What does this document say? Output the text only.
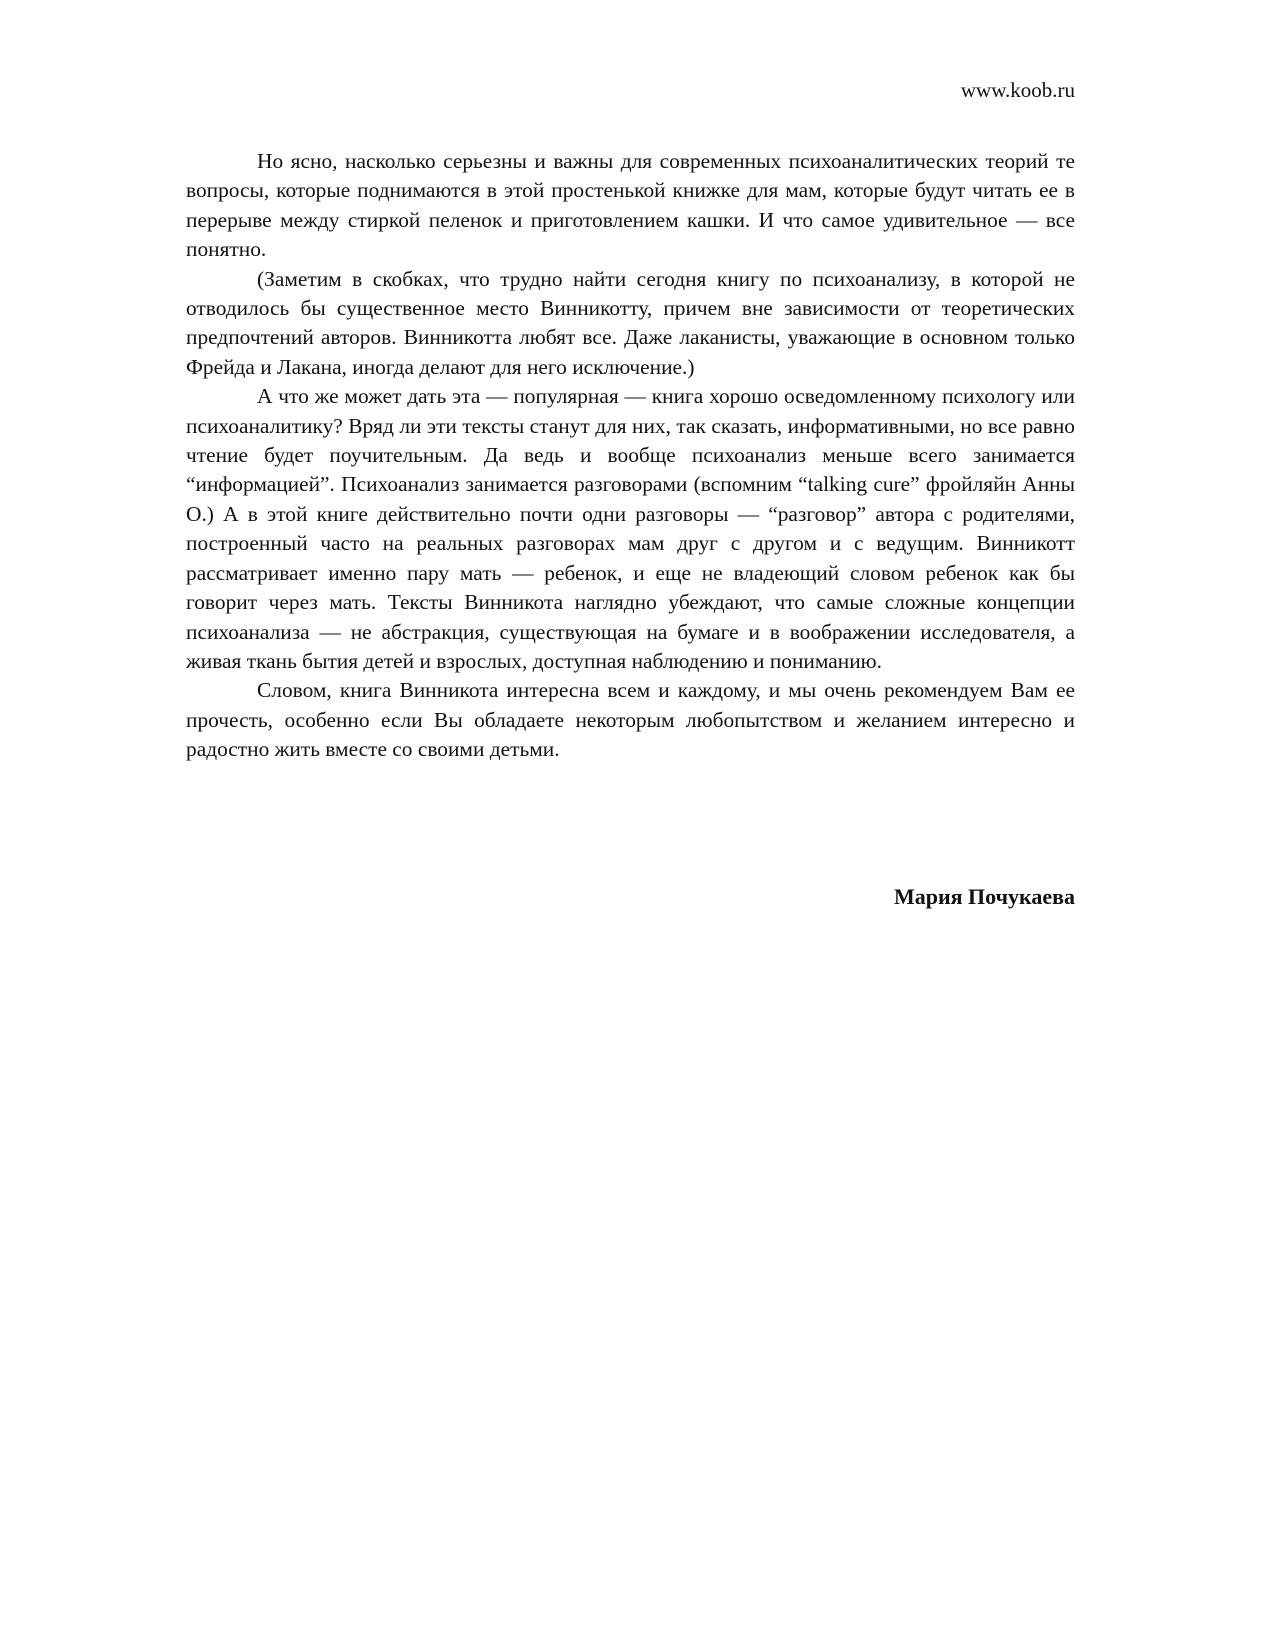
www.koob.ru

Но ясно, насколько серьезны и важны для современных психоаналитических теорий те вопросы, которые поднимаются в этой простенькой книжке для мам, которые будут читать ее в перерыве между стиркой пеленок и приготовлением кашки. И что самое удивительное — все понятно.

(Заметим в скобках, что трудно найти сегодня книгу по психоанализу, в которой не отводилось бы существенное место Винникотту, причем вне зависимости от теоретических предпочтений авторов. Винникотта любят все. Даже лаканисты, уважающие в основном только Фрейда и Лакана, иногда делают для него исключение.)

А что же может дать эта — популярная — книга хорошо осведомленному психологу или психоаналитику? Вряд ли эти тексты станут для них, так сказать, информативными, но все равно чтение будет поучительным. Да ведь и вообще психоанализ меньше всего занимается “информацией”. Психоанализ занимается разговорами (вспомним “talking cure” фройляйн Анны О.) А в этой книге действительно почти одни разговоры — “разговор” автора с родителями, построенный часто на реальных разговорах мам друг с другом и с ведущим. Винникотт рассматривает именно пару мать — ребенок, и еще не владеющий словом ребенок как бы говорит через мать. Тексты Винникота наглядно убеждают, что самые сложные концепции психоанализа — не абстракция, существующая на бумаге и в воображении исследователя, а живая ткань бытия детей и взрослых, доступная наблюдению и пониманию.

Словом, книга Винникота интересна всем и каждому, и мы очень рекомендуем Вам ее прочесть, особенно если Вы обладаете некоторым любопытством и желанием интересно и радостно жить вместе со своими детьми.

Мария Почукаева
